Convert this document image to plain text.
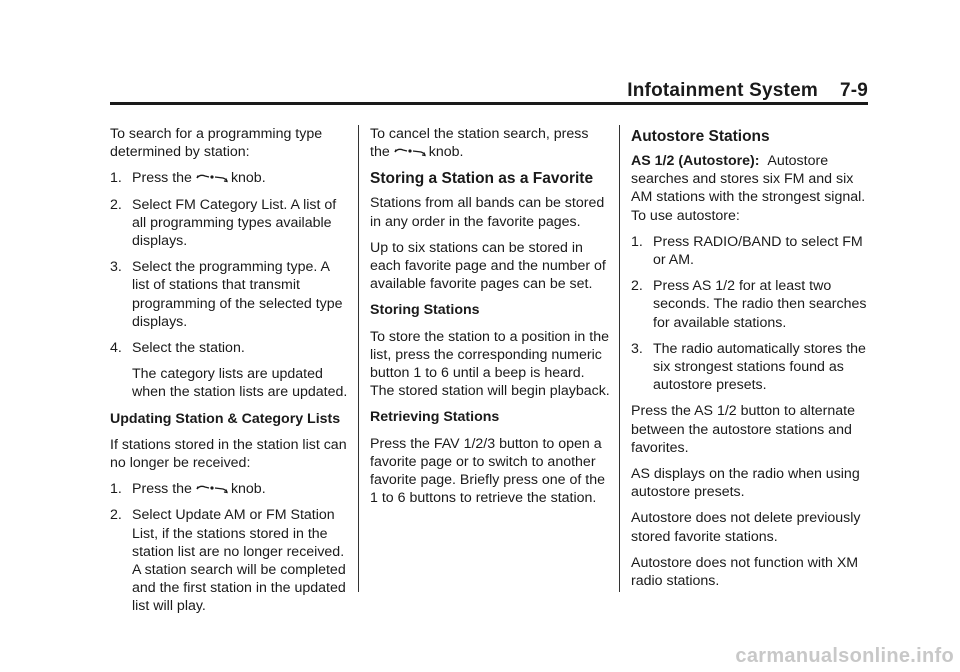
Infotainment System 7-9

To search for a programming type determined by station:

1. Press the	knob.
2. Select FM Category List. A list of all programming types available displays.
3. Select the programming type. A list of stations that transmit programming of the selected type displays.
4. Select the station.

The category lists are updated when the station lists are updated.

Updating Station & Category Lists

If stations stored in the station list can no longer be received:

1. Press the	knob.
2. Select Update AM or FM Station List, if the stations stored in the station list are no longer received. A station search will be completed and the first station in the updated list will play.

To cancel the station search, press the	knob.

Storing a Station as a Favorite

Stations from all bands can be stored in any order in the favorite pages.

Up to six stations can be stored in each favorite page and the number of available favorite pages can be set.

Storing Stations

To store the station to a position in the list, press the corresponding numeric button 1 to 6 until a beep is heard. The stored station will begin playback.

Retrieving Stations

Press the FAV 1/2/3 button to open a favorite page or to switch to another favorite page. Briefly press one of the 1 to 6 buttons to retrieve the station.

Autostore Stations

AS 1/2 (Autostore): Autostore searches and stores six FM and six AM stations with the strongest signal. To use autostore:

1. Press RADIO/BAND to select FM or AM.
2. Press AS 1/2 for at least two seconds. The radio then searches for available stations.
3. The radio automatically stores the six strongest stations found as autostore presets.

Press the AS 1/2 button to alternate between the autostore stations and favorites.

AS displays on the radio when using autostore presets.

Autostore does not delete previously stored favorite stations.

Autostore does not function with XM radio stations.

carmanualsonline.info
